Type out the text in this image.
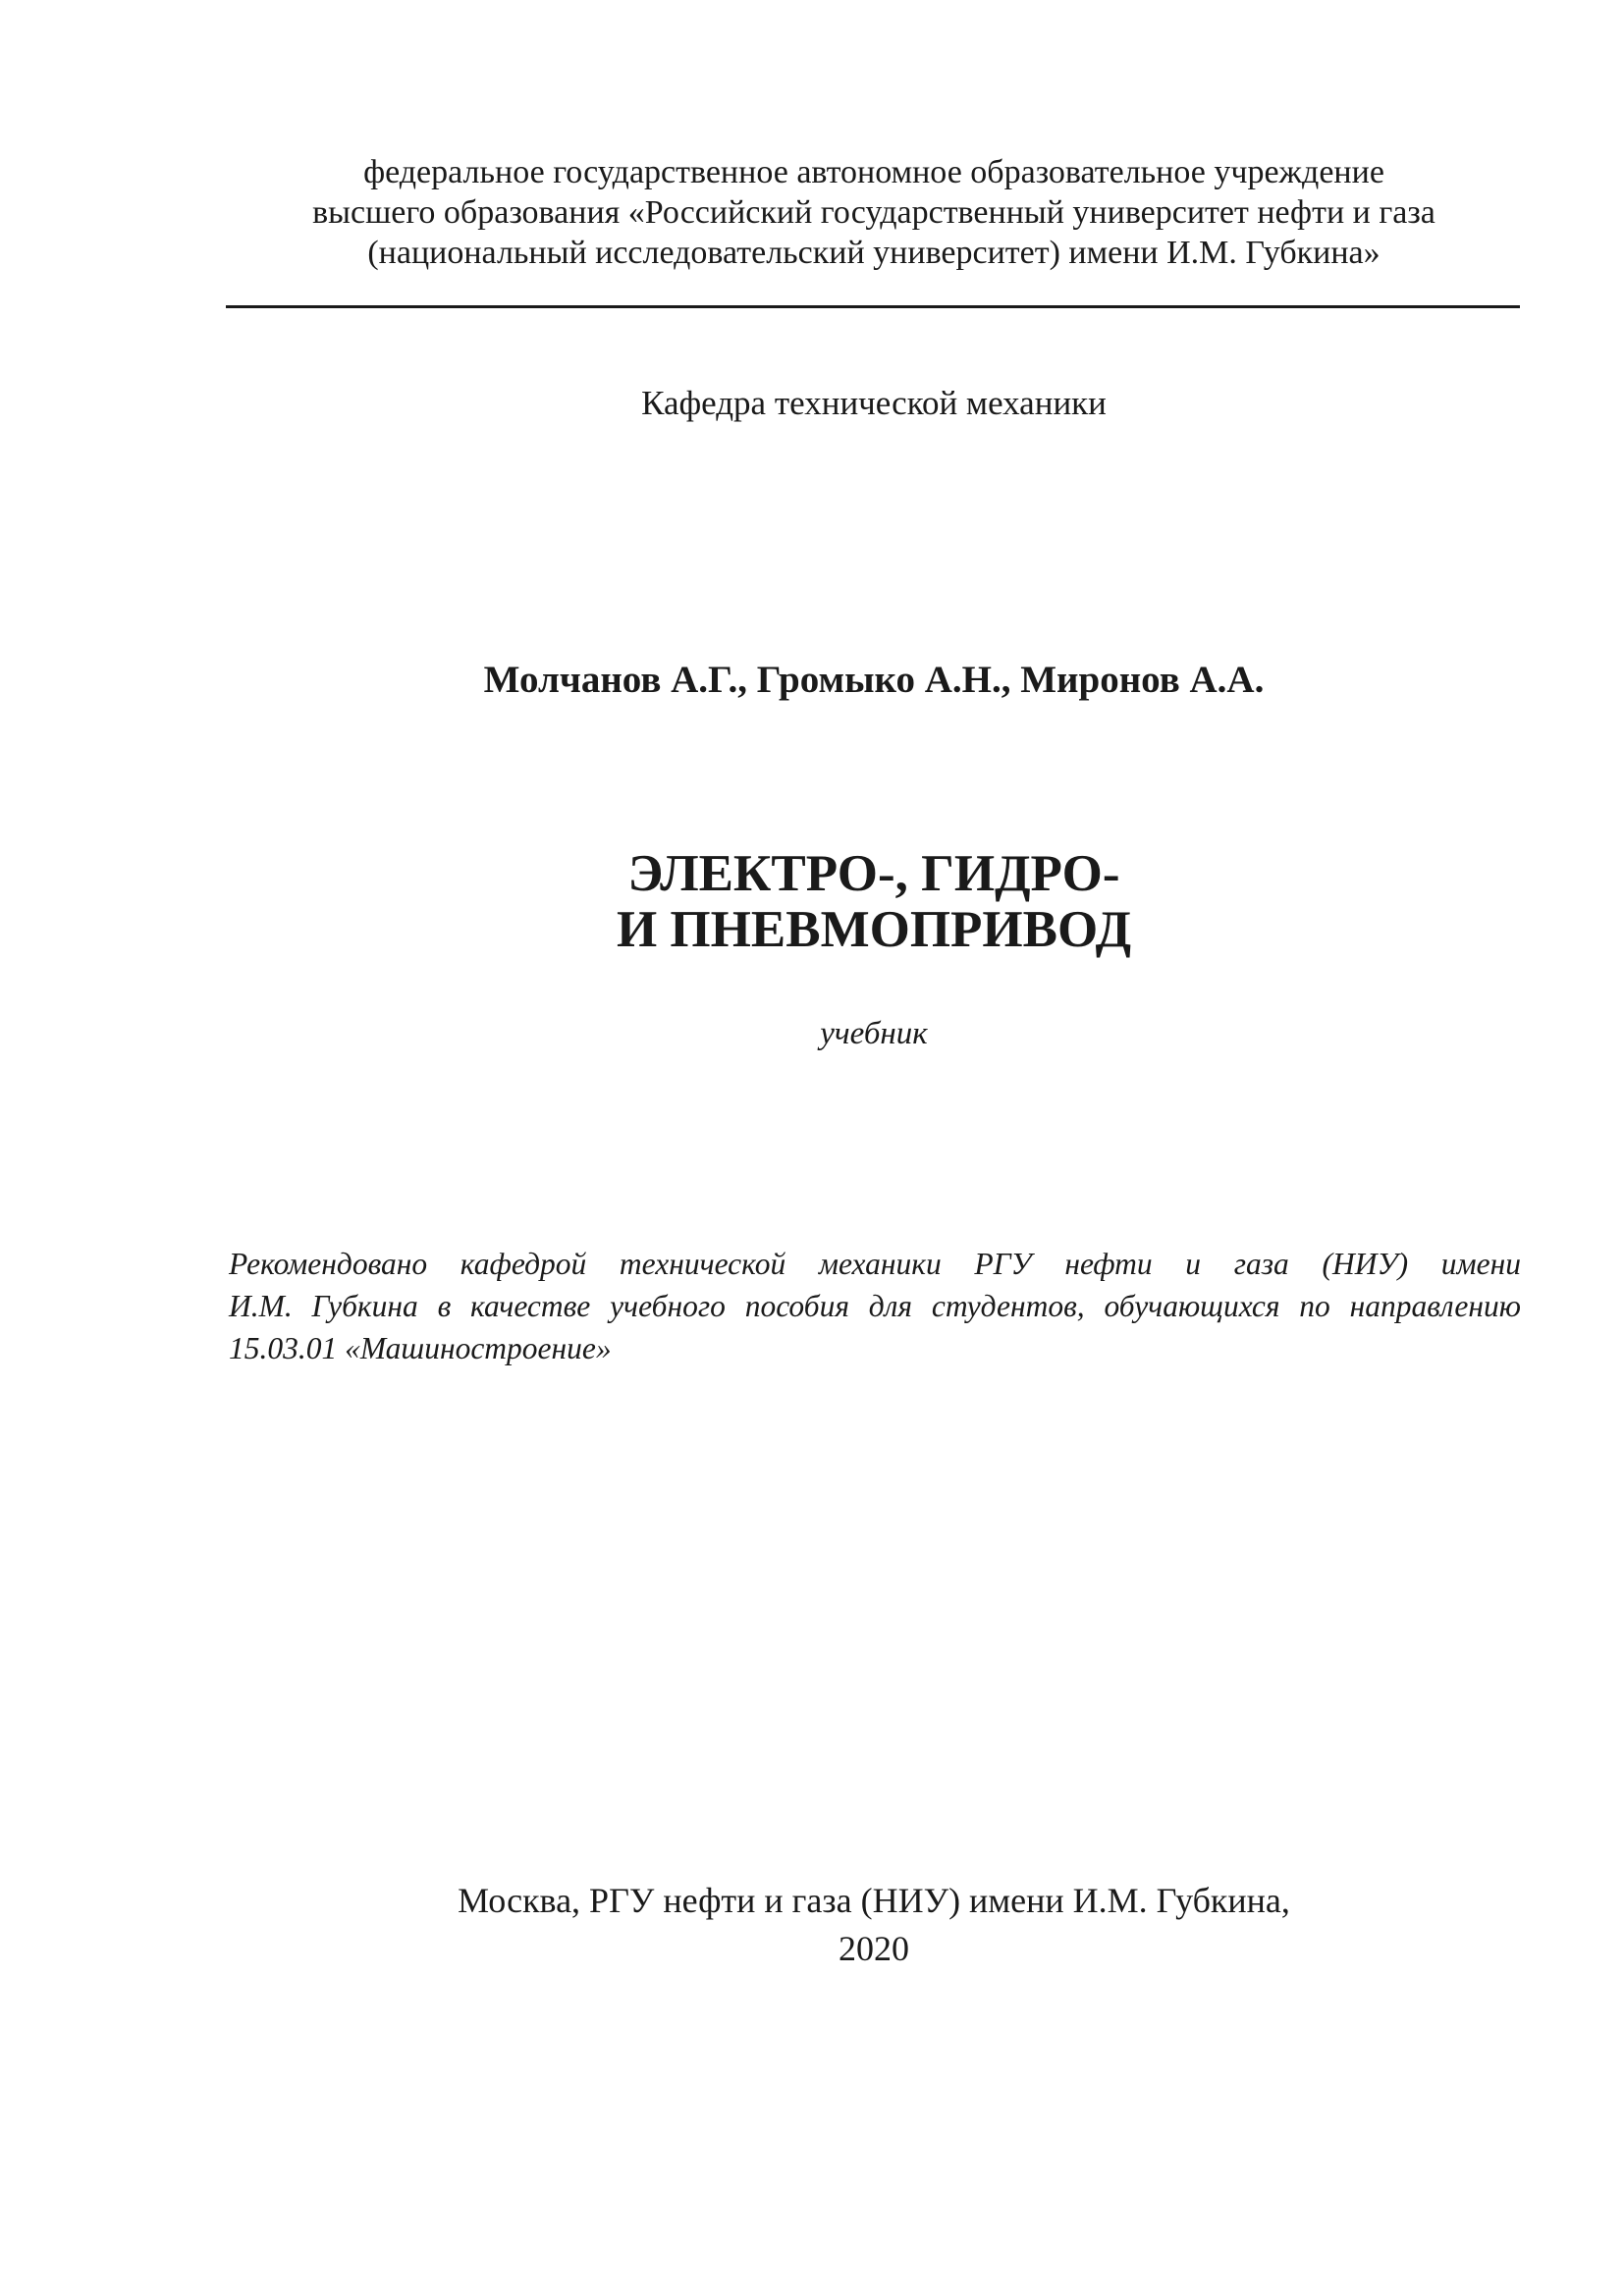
федеральное государственное автономное образовательное учреждение
высшего образования «Российский государственный университет нефти и газа
(национальный исследовательский университет) имени И.М. Губкина»
Кафедра технической механики
Молчанов А.Г., Громыко А.Н., Миронов А.А.
ЭЛЕКТРО-, ГИДРО-
И ПНЕВМОПРИВОД
учебник
Рекомендовано кафедрой технической механики РГУ нефти и газа (НИУ) имени
И.М. Губкина в качестве учебного пособия для студентов, обучающихся по направлению
15.03.01 «Машиностроение»
Москва, РГУ нефти и газа (НИУ) имени И.М. Губкина,
2020
